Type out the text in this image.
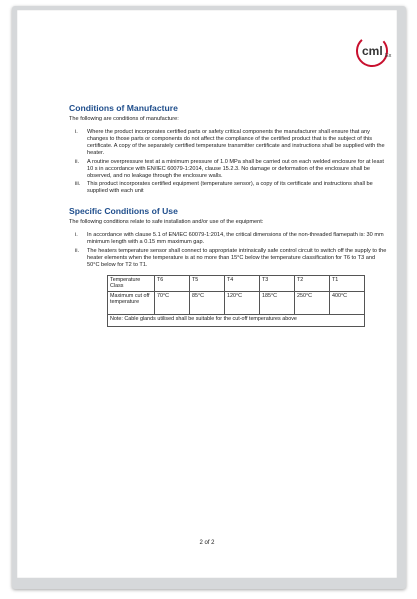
cml Ex
Conditions of Manufacture
The following are conditions of manufacture:
i.	Where the product incorporates certified parts or safety critical components the manufacturer shall ensure that any changes to those parts or components do not affect the compliance of the certified product that is the subject of this certificate. A copy of the separately certified temperature transmitter certificate and instructions shall be supplied with the heater.
ii.	A routine overpressure test at a minimum pressure of 1.0 MPa shall be carried out on each welded enclosure for at least 10 s in accordance with EN/IEC 60079-1:2014, clause 15.2.3. No damage or deformation of the enclosure shall be observed, and no leakage through the enclosure walls.
iii.	This product incorporates certified equipment (temperature sensor), a copy of its certificate and instructions shall be supplied with each unit
Specific Conditions of Use
The following conditions relate to safe installation and/or use of the equipment:
i.	In accordance with clause 5.1 of EN/IEC 60079-1:2014, the critical dimensions of the non-threaded flamepath is: 30 mm minimum length with a 0.15 mm maximum gap.
ii.	The heaters temperature sensor shall connect to appropriate intrinsically safe control circuit to switch off the supply to the heater elements when the temperature is at no more than 15°C below the temperature classification for T6 to T3 and 50°C below for T2 to T1.
Temperature Class	T6	T5	T4	T3	T2	T1
Maximum cut off temperature	70°C	85°C	120°C	185°C	250°C	400°C
Note: Cable glands utilised shall be suitable for the cut-off temperatures above						
2 of 2
